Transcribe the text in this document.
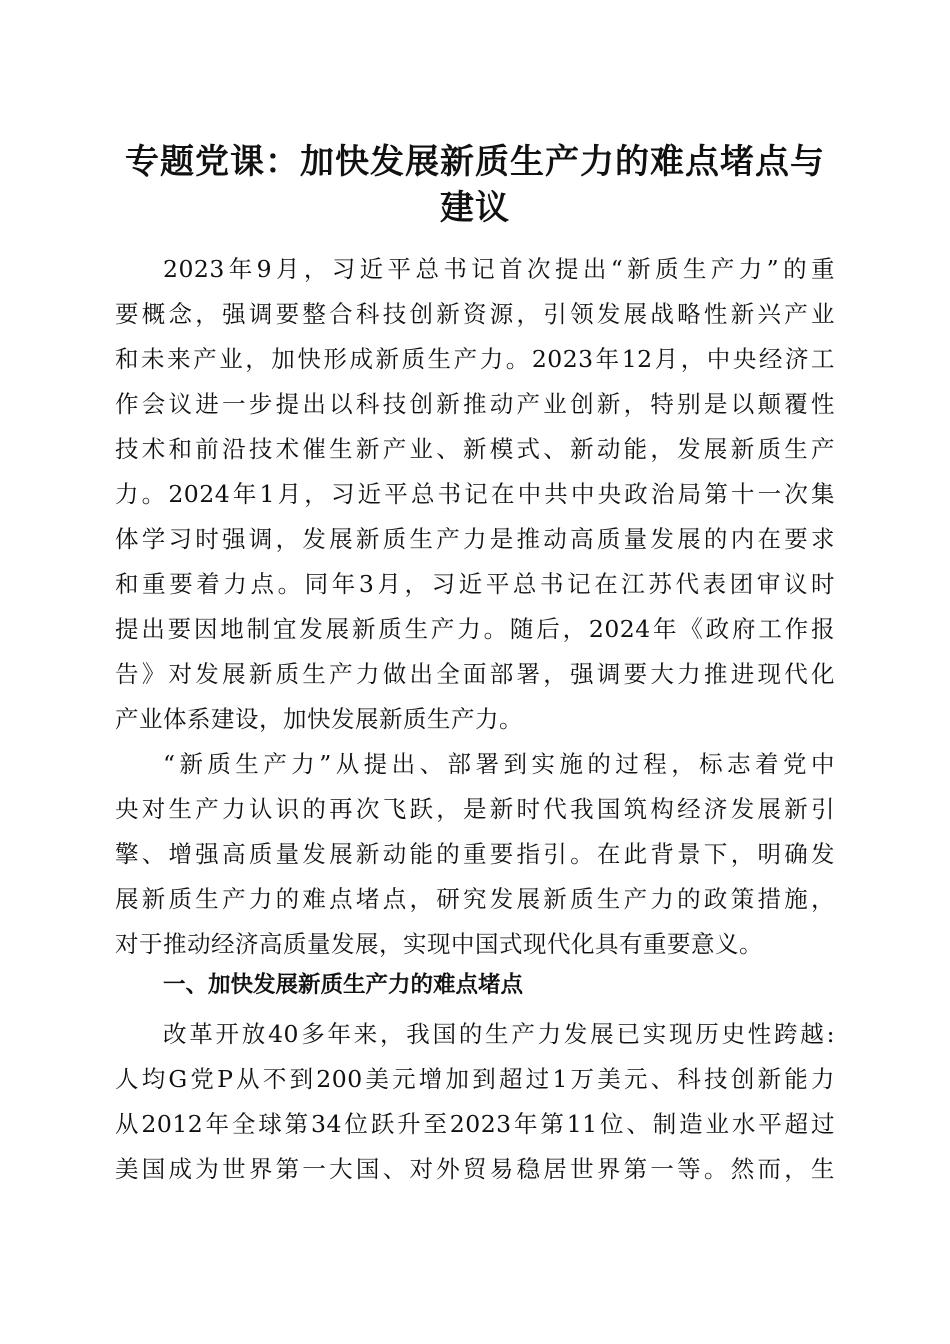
专题党课：加快发展新质生产力的难点堵点与
建议
2023年9月，习近平总书记首次提出“新质生产力”的重
要概念，强调要整合科技创新资源，引领发展战略性新兴产业
和未来产业，加快形成新质生产力。2023年12月，中央经济工
作会议进一步提出以科技创新推动产业创新，特别是以颠覆性
技术和前沿技术催生新产业、新模式、新动能，发展新质生产
力。2024年1月，习近平总书记在中共中央政治局第十一次集
体学习时强调，发展新质生产力是推动高质量发展的内在要求
和重要着力点。同年3月，习近平总书记在江苏代表团审议时
提出要因地制宜发展新质生产力。随后，2024年《政府工作报
告》对发展新质生产力做出全面部署，强调要大力推进现代化
产业体系建设，加快发展新质生产力。
“新质生产力”从提出、部署到实施的过程，标志着党中
央对生产力认识的再次飞跃，是新时代我国筑构经济发展新引
擎、增强高质量发展新动能的重要指引。在此背景下，明确发
展新质生产力的难点堵点，研究发展新质生产力的政策措施，
对于推动经济高质量发展，实现中国式现代化具有重要意义。
一、加快发展新质生产力的难点堵点
改革开放40多年来，我国的生产力发展已实现历史性跨越:
人均G党P从不到200美元增加到超过1万美元、科技创新能力
从2012年全球第34位跃升至2023年第11位、制造业水平超过
美国成为世界第一大国、对外贸易稳居世界第一等。然而，生
